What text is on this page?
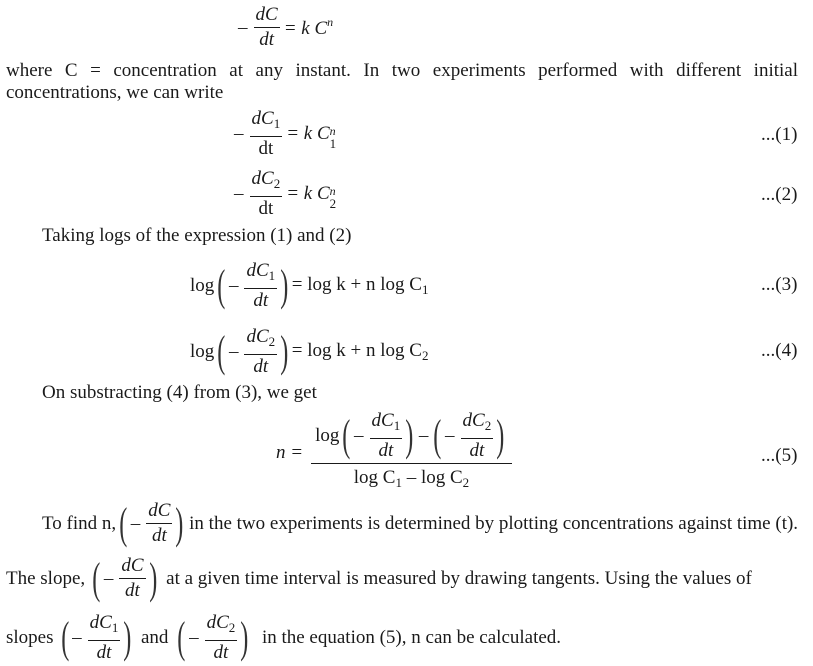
– $\frac{dC}{dt} = k$ $C^n$
where C = concentration at any instant. In two experiments performed with different initial
concentrations, we can write
– $\frac{dC_1}{dt} = k$ C n
1	...(1)
– $\frac{dC_2}{dt} = k$ C n
2	...(2)
Taking logs of the expression (1) and (2)
log ( – $\frac{dC_1}{dt}$ ) = log k + n $\log C_1$	...(3)
log ( – $\frac{dC_2}{dt}$ ) = log k + n $\log C_2$	...(4)
On substracting (4) from (3), we get
n =
log ( – $\frac{dC_1}{dt}$ ) – ( – $\frac{dC_2}{dt}$ )
$\log C_1$ – $\log C_2$
...(5)
To find n, ( – $\frac{dC}{dt}$ ) in the two experiments is determined by plotting concentrations against time (t).
The slope, ( – $\frac{dC}{dt}$ ) at a given time interval is measured by drawing tangents. Using the values of
slopes ( – $\frac{dC_1}{dt}$ ) and ( – $\frac{dC_2}{dt}$ ) in the equation (5), n can be calculated.
